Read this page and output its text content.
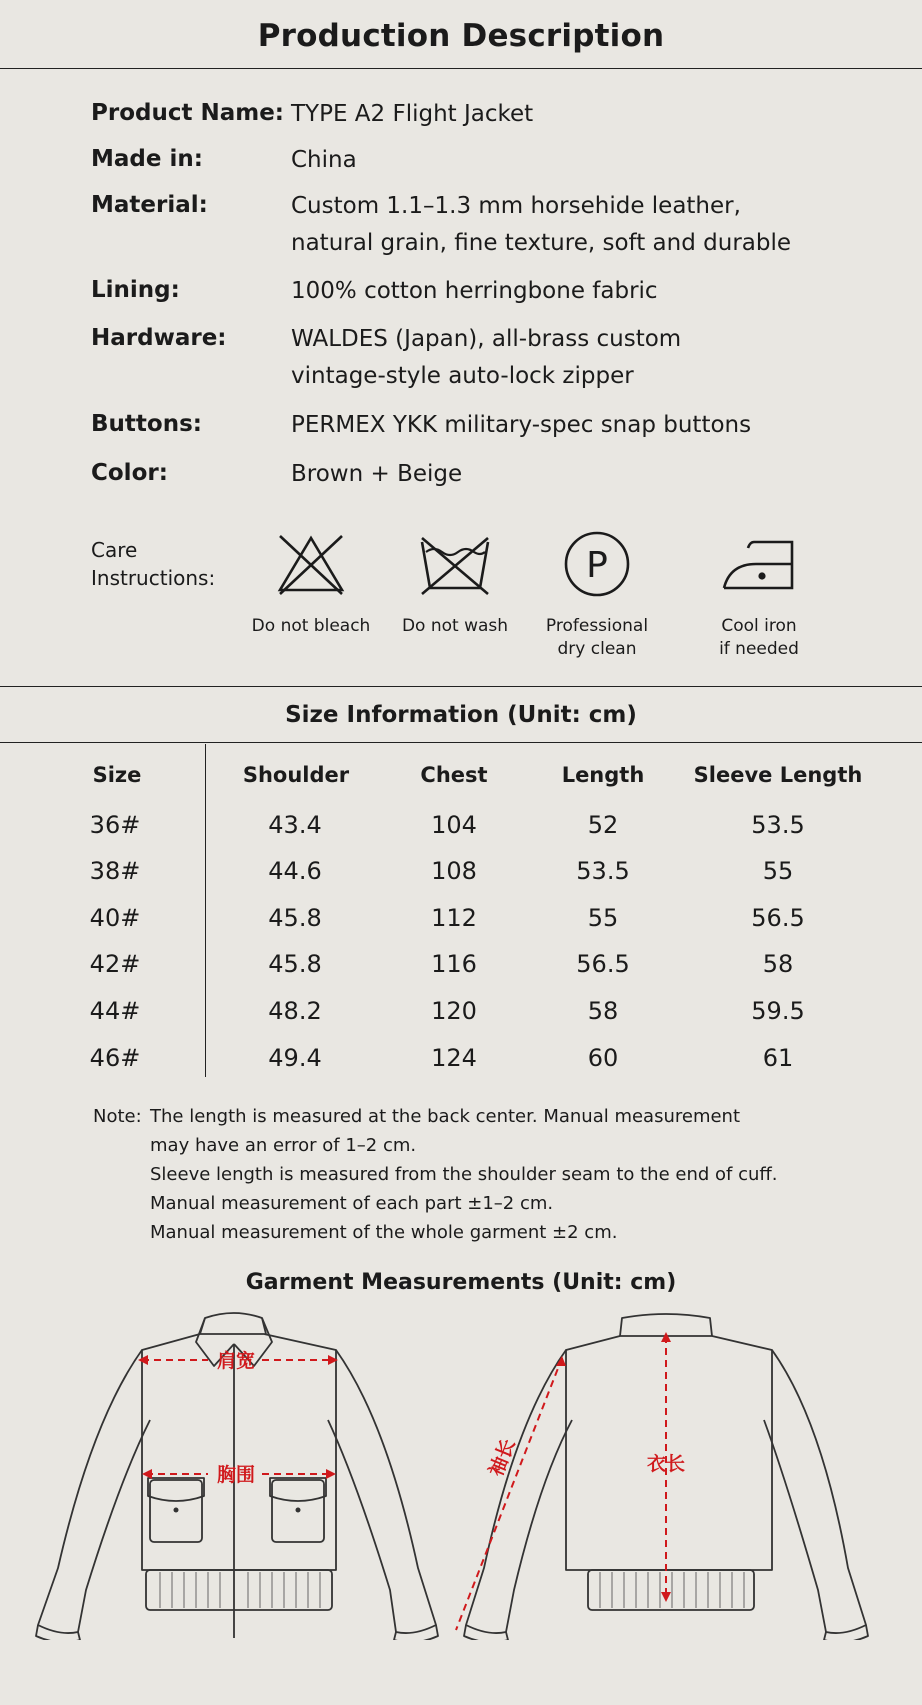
Production Description
Product Name: TYPE A2 Flight Jacket
Made in:	China
Material:	Custom 1.1–1.3 mm horsehide leather,
natural grain, fine texture, soft and durable
Lining:	100% cotton herringbone fabric
Hardware:	WALDES (Japan), all-brass custom
vintage-style auto-lock zipper
Buttons:	PERMEX YKK military-spec snap buttons
Color:	Brown + Beige
Care
Instructions:
Do not bleach	Do not wash
P
Professional
dry clean
Cool iron
if needed
Size Information (Unit: cm)
Size	Shoulder	Chest	Length	Sleeve Length
36#	43.4	104	52	53.5
38#	44.6	108	53.5	55
40#	45.8	112	55	56.5
42#	45.8	116	56.5	58
44#	48.2	120	58	59.5
46#	49.4	124	60	61
Note: The length is measured at the back center. Manual measurement
may have an error of 1–2 cm.
Sleeve length is measured from the shoulder seam to the end of cuff.
Manual measurement of each part ±1–2 cm.
Manual measurement of the whole garment ±2 cm.
Garment Measurements (Unit: cm)
肩宽
胸围	衣长
袖长
